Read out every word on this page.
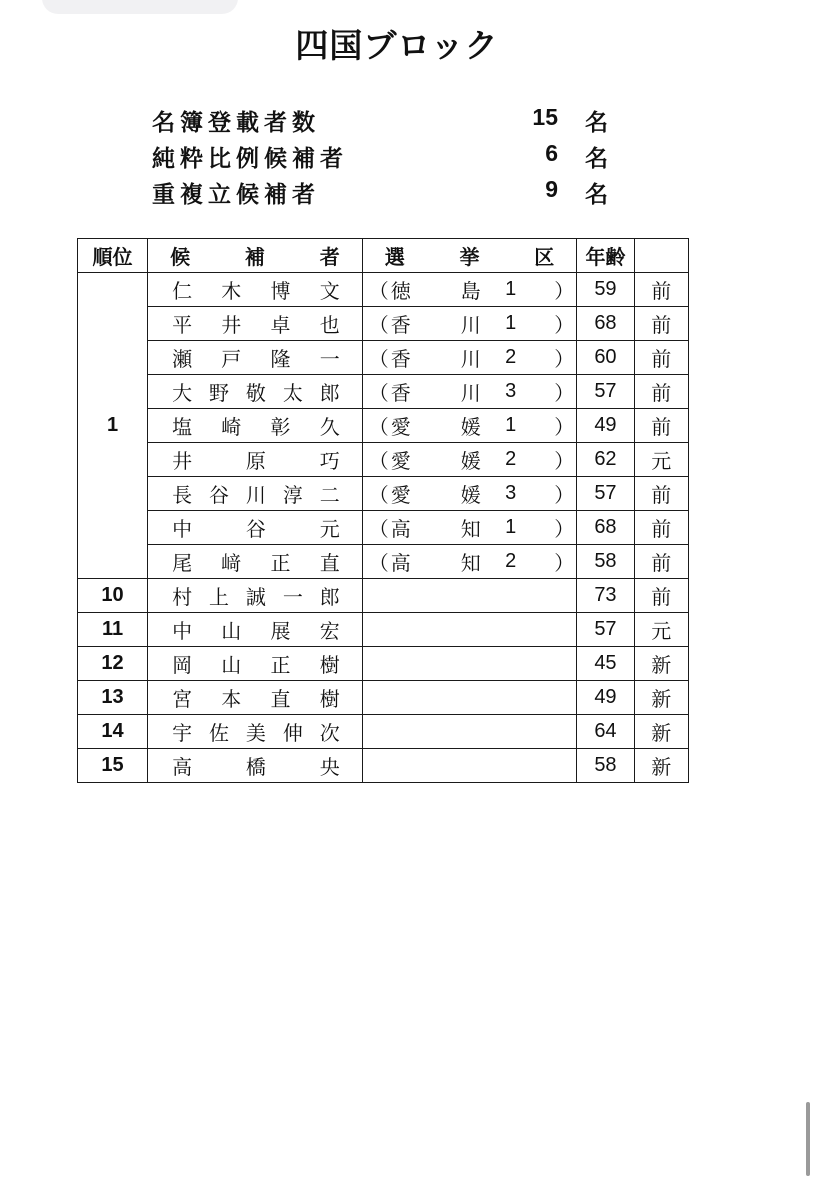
四国ブロック
名簿登載者数	15 名
純粋比例候補者	6 名
重複立候補者	9 名
順位	候 補 者	選 挙 区	年齢	
1	仁 木 博 文	（ 徳 島 1 ）	59	前

	平 井 卓 也	（ 香 川 1 ）	68	前

	瀬 戸 隆 一	（ 香 川 2 ）	60	前

	大 野 敬 太 郎	（ 香 川 3 ）	57	前

	塩 崎 彰 久	（ 愛 媛 1 ）	49	前

	井 原 巧	（ 愛 媛 2 ）	62	元

	長 谷 川 淳 二	（ 愛 媛 3 ）	57	前

	中 谷 元	（ 高 知 1 ）	68	前

	尾 﨑 正 直	（ 高 知 2 ）	58	前
10	村 上 誠 一 郎		73	前
11	中 山 展 宏		57	元
12	岡 山 正 樹		45	新
13	宮 本 直 樹		49	新
14	宇 佐 美 伸 次		64	新
15	高 橋 央		58	新
